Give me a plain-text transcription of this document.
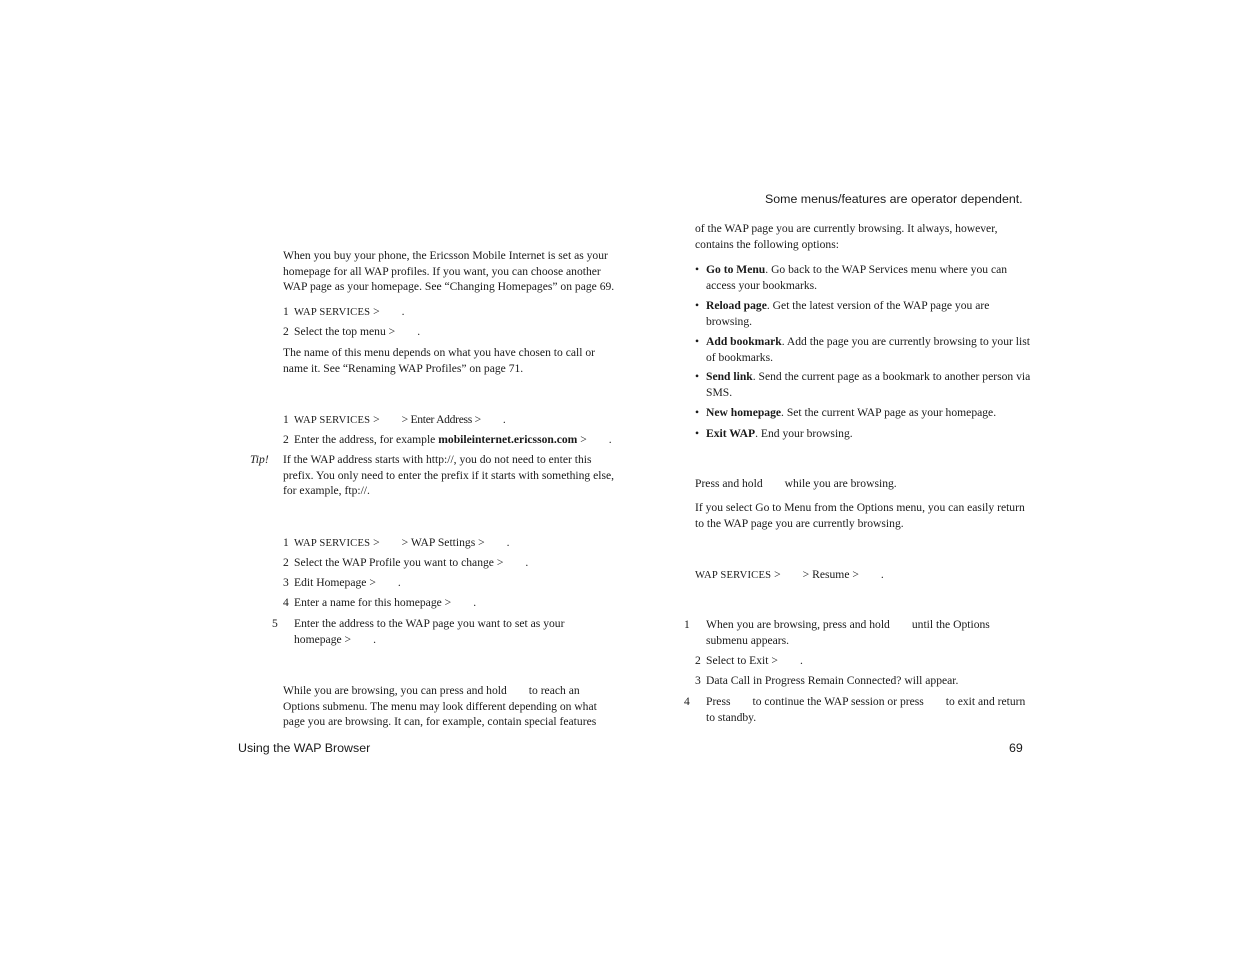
Some menus/features are operator dependent.
When you buy your phone, the Ericsson Mobile Internet is set as your homepage for all WAP profiles. If you want, you can choose another WAP page as your homepage. See “Changing Homepages” on page 69.
1 WAP SERVICES > .
2 Select the top menu > .
The name of this menu depends on what you have chosen to call or name it. See “Renaming WAP Profiles” on page 71.
1 WAP SERVICES > > Enter Address > .
2 Enter the address, for example mobileinternet.ericsson.com > .
Tip! If the WAP address starts with http://, you do not need to enter this prefix. You only need to enter the prefix if it starts with something else, for example, ftp://.
1 WAP SERVICES > > WAP Settings > .
2 Select the WAP Profile you want to change > .
3 Edit Homepage > .
4 Enter a name for this homepage > .
5 Enter the address to the WAP page you want to set as your homepage > .
While you are browsing, you can press and hold to reach an Options submenu. The menu may look different depending on what page you are browsing. It can, for example, contain special features
of the WAP page you are currently browsing. It always, however, contains the following options:
• Go to Menu. Go back to the WAP Services menu where you can access your bookmarks.
• Reload page. Get the latest version of the WAP page you are browsing.
• Add bookmark. Add the page you are currently browsing to your list of bookmarks.
• Send link. Send the current page as a bookmark to another person via SMS.
• New homepage. Set the current WAP page as your homepage.
• Exit WAP. End your browsing.
Press and hold while you are browsing.
If you select Go to Menu from the Options menu, you can easily return to the WAP page you are currently browsing.
WAP SERVICES > > Resume > .
1 When you are browsing, press and hold until the Options submenu appears.
2 Select to Exit > .
3 Data Call in Progress Remain Connected? will appear.
4 Press to continue the WAP session or press to exit and return to standby.
Using the WAP Browser	69
